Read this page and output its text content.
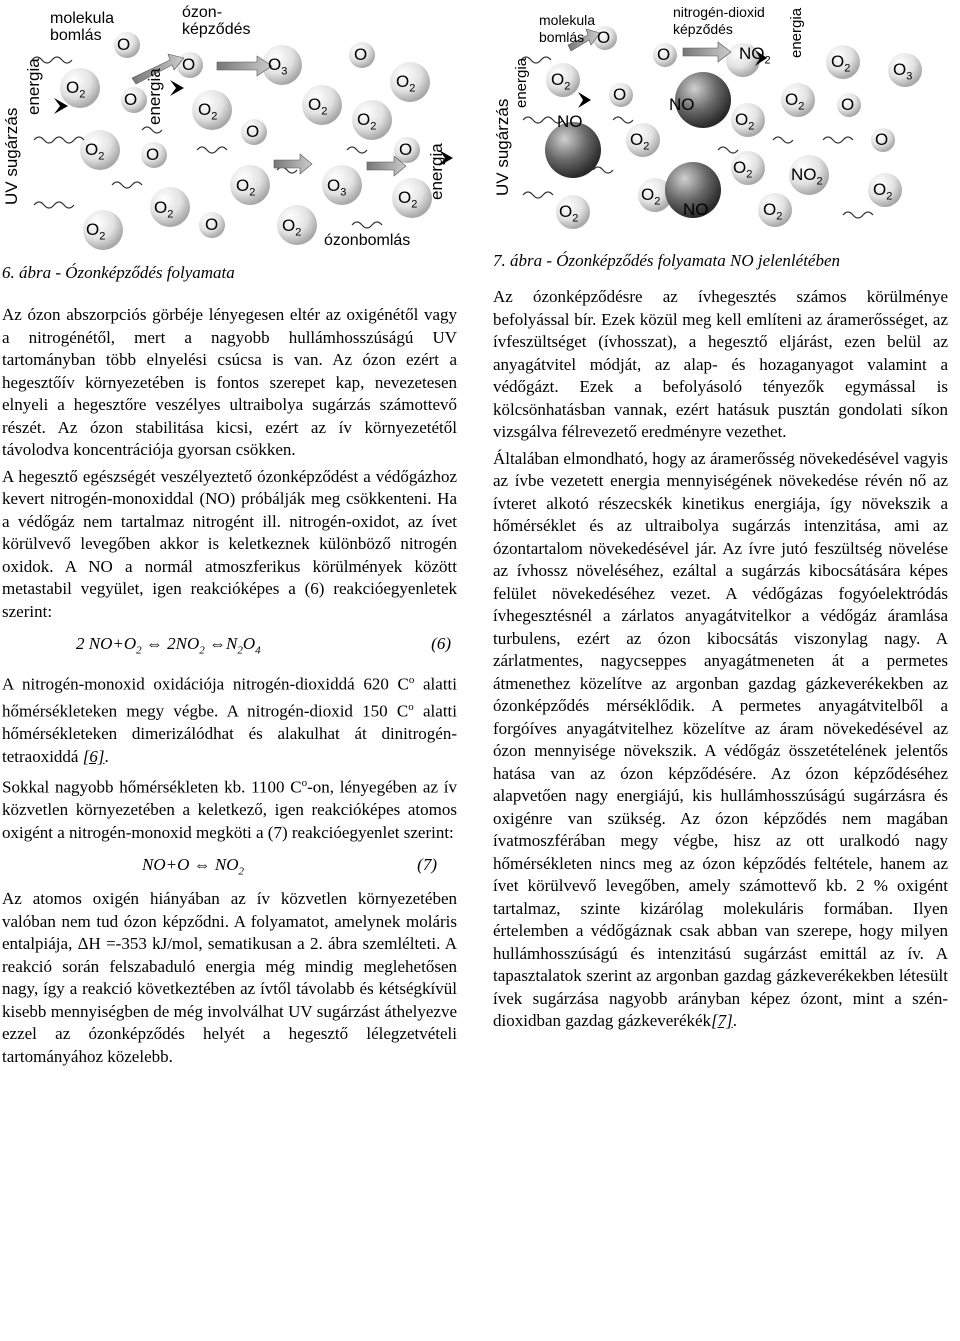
UV sugárzás
energia
molekula
bomlás
energia
ózon-
képződés
energia
ózonbomlás
$O_2$
$O_2$
$O_2$
O
O
O
$O_2$
$O_2$
O
O
O
$O_2$
$O_3$
$O_2$
$O_2$
$O_3$
O
$O_2$
$O_2$
O
$O_2$
6. ábra - Ózonképződés folyamata

Az ózon abszorpciós görbéje lényegesen eltér az oxigénétől vagy a nitrogénétől, mert a nagyobb hullámhosszúságú UV tartományban több elnyelési csúcsa is van. Az ózon ezért a hegesztőív környezetében is fontos szerepet kap, nevezetesen elnyeli a hegesztőre veszélyes ultraibolya sugárzás számottevő részét. Az ózon stabilitása kicsi, ezért az ív környezetétől távolodva koncentrációja gyorsan csökken.

A hegesztő egészségét veszélyeztető ózonképződést a védőgázhoz kevert nitrogén-monoxiddal (NO) próbálják meg csökkenteni. Ha a védőgáz nem tartalmaz nitrogént ill. nitrogén-oxidot, az ívet körülvevő levegőben akkor is keletkeznek különböző nitrogén oxidok. A NO a normál atmoszferikus körülmények között metastabil vegyület, igen reakcióképes a (6) reakcióegyenletek szerint:

2 $NO+O_2$ ⇔ $2NO_2$ $\Leftrightarrow N_2O_4$	(6)

A nitrogén-monoxid oxidációja nitrogén-dioxiddá 620 $C^o$ alatti hőmérsékleteken megy végbe. A nitrogén-dioxid 150 $C^o$ alatti hőmérsékleteken dimerizálódhat és alakulhat át dinitrogén-tetraoxiddá [6].

Sokkal nagyobb hőmérsékleten kb. 1100 $C^o-on$, lényegében az ív közvetlen környezetében a keletkező, igen reakcióképes atomos oxigént a nitrogén-monoxid megköti a (7) reakcióegyenlet szerint:

NO+O ⇔ $NO_2$	(7)

Az atomos oxigén hiányában az ív közvetlen környezetében valóban nem tud ózon képződni. A folyamatot, amelynek moláris entalpiája, ΔH =-353 kJ/mol, sematikusan a 2. ábra szemlélteti. A reakció során felszabaduló energia még mindig meglehetősen nagy, így a reakció következtében az ívtől távolabb és kétségkívül kisebb mennyiségben de még involválhat UV sugárzást áthelyezve ezzel az ózonképződés helyét a hegesztő lélegzetvételi tartományához közelebb.

UV sugárzás
energia
molekula
bomlás
nitrogén-dioxid
képződés	energia
$O_2$
NO
$O_2$
O
O
$O_2$
$O_2$
O
NO
NO
$O_2$
$NO_2$
$O_2$
$O_2$
$O_2$
$NO_2$
$O_2$
O
O
$O_2$
$O_3$
7. ábra - Ózonképződés folyamata NO jelenlétében

Az ózonképződésre az ívhegesztés számos körülménye befolyással bír. Ezek közül meg kell említeni az áramerősséget, az ívfeszültséget (ívhosszat), a hegesztő eljárást, ezen belül az anyagátvitel módját, az alap- és hozaganyagot valamint a védőgázt. Ezek a befolyásoló tényezők egymással is kölcsönhatásban vannak, ezért hatásuk pusztán gondolati síkon vizsgálva félrevezető eredményre vezethet.

Általában elmondható, hogy az áramerősség növekedésével vagyis az ívbe vezetett energia mennyiségének növekedése révén nő az ívteret alkotó részecskék kinetikus energiája, így növekszik a hőmérséklet és az ultraibolya sugárzás intenzitása, ami az ózontartalom növekedésével jár. Az ívre jutó feszültség növelése az ívhossz növeléséhez, ezáltal a sugárzás kibocsátására képes felület növekedéséhez vezet. A védőgázas fogyóelektródás ívhegesztésnél a zárlatos anyagátvitelkor a védőgáz áramlása turbulens, ezért az ózon kibocsátás viszonylag nagy. A zárlatmentes, nagycseppes anyagátmeneten át a permetes átmenethez közelítve az argonban gazdag gázkeverékekben az ózonképződés mérséklődik. A permetes anyagátvitelből a forgóíves anyagátvitelhez közelítve az áram növekedésével az ózon mennyisége növekszik. A védőgáz összetételének jelentős hatása van az ózon képződésére. Az ózon képződéséhez alapvetően nagy energiájú, kis hullámhosszúságú sugárzásra és oxigénre van szükség. Az ózon képződés nem magában ívatmoszférában megy végbe, hisz az ott uralkodó nagy hőmérsékleten nincs meg az ózon képződés feltétele, hanem az ívet körülvevő levegőben, amely számottevő kb. 2 % oxigént tartalmaz, szinte kizárólag molekuláris formában. Ilyen értelemben a védőgáznak csak abban van szerepe, hogy milyen hullámhosszúságú és intenzitású sugárzást emittál az ív. A tapasztalatok szerint az argonban gazdag gázkeverékekben létesült ívek sugárzása nagyobb arányban képez ózont, mint a szén-dioxidban gazdag gázkeverékék[7].
